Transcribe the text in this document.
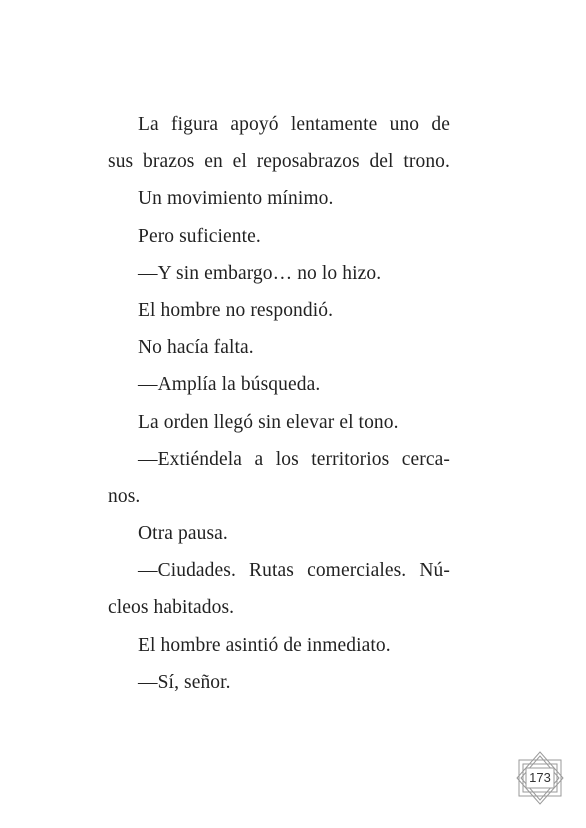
La figura apoyó lentamente uno de
sus brazos en el reposabrazos del trono.
Un movimiento mínimo.
Pero suficiente.
—Y sin embargo… no lo hizo.
El hombre no respondió.
No hacía falta.
—Amplía la búsqueda.
La orden llegó sin elevar el tono.
—Extiéndela a los territorios cerca-
nos.
Otra pausa.
—Ciudades. Rutas comerciales. Nú-
cleos habitados.
El hombre asintió de inmediato.
—Sí, señor.
173
